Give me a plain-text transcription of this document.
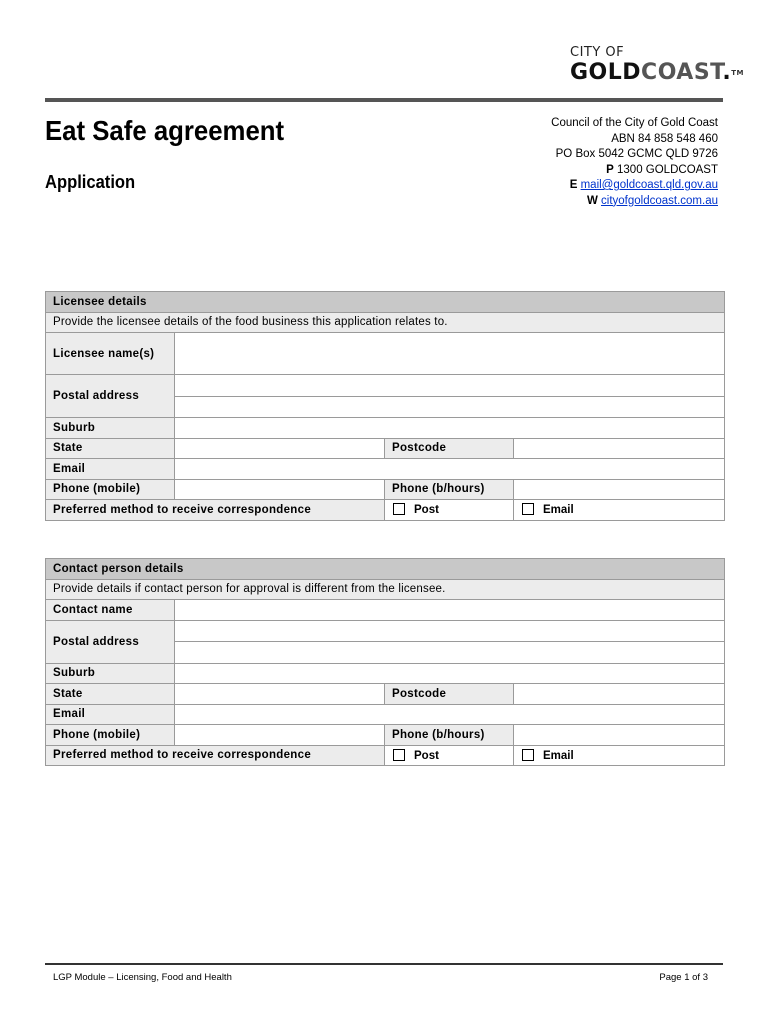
CITY OF
GOLDCOAST.™
Eat Safe agreement
Application
Council of the City of Gold Coast
ABN 84 858 548 460
PO Box 5042 GCMC QLD 9726
P 1300 GOLDCOAST
E mail@goldcoast.qld.gov.au
W cityofgoldcoast.com.au
Licensee details			
Provide the licensee details of the food business this application relates to.			
Licensee name(s)			
Postal address			

Suburb			
State		Postcode	
Email			
Phone (mobile)		Phone (b/hours)	
Preferred method to receive correspondence		Post	Email
Contact person details			
Provide details if contact person for approval is different from the licensee.			
Contact name			
Postal address			

Suburb			
State		Postcode	
Email			
Phone (mobile)		Phone (b/hours)	
Preferred method to receive correspondence		Post	Email
LGP Module – Licensing, Food and Health	Page 1 of 3
